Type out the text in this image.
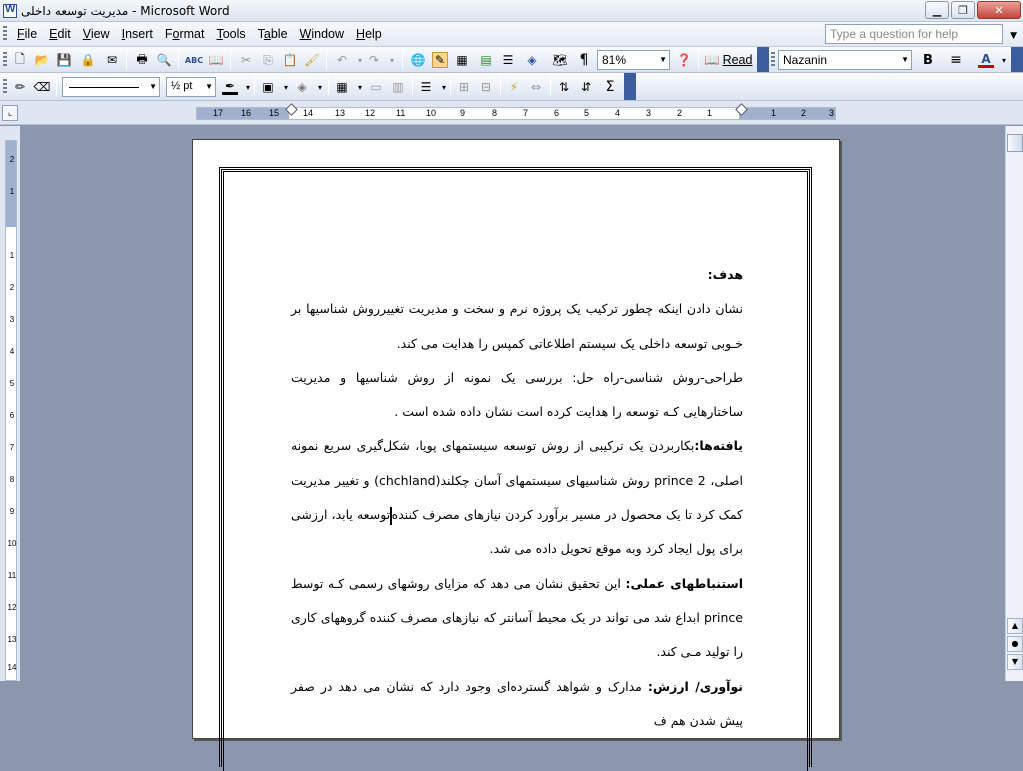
W
مدیریت توسعه داخلی - Microsoft Word	▁ ❐ ✕
File Edit View Insert Format Tools Table Window Help	Type a question for help	▼
🗋 📂 💾 🔒 ✉ 🖶 🔍 ABC 📖 ✂ ⎘ 📋 🖌 ↶	▾ ↷	▾	🌐 ✎ ▦ ▤ ☰ ◈ 🗺 ¶	81%	▼ ❓ 📖 Read	Nazanin	▼ B ≡ A	▾
✏ ⌫	▼	½ pt ▼ ✒	▾	▣	▾ ◈	▾	▦	▾ ▭ ▥ ☰	▾	⊞ ⊟	⚡	⇔ ⇅ ⇵ Σ
⌞	17 16 15	14 13 12 11 10	9	8	7	6	5	4	3	2	1	1	2	3
2
1
1
2
3
4
5
6
7
8
9
10
11
12
13
14

هدف:

نشان دادن اینکه چطور ترکیب یک پروژه نرم و سخت و مدیریت تغییرروش شناسیها بر خـوبی توسعه داخلی یک سیستم اطلاعاتی کمپس را هدایت می کند.

طراحی-روش شناسی-راه حل: بررسی یک نمونه از روش شناسیها و مدیریت ساختارهایی کـه توسعه را هدایت کرده است نشان داده شده است .

یافته‌ها:بکاربردن یک ترکیبی از روش توسعه سیستمهای پویا، شکل‌گیری سریع نمونه اصلی، prince 2 روش شناسیهای سیستمهای آسان چکلند(chchland) و تغییر مدیریت کمک کرد تا یک محصول در مسیر برآورد کردن نیازهای مصرف کنندهتوسعه یابد، ارزشی برای پول ایجاد کرد وبه موقع تحویل داده می شد.

استنباطهای عملی: این تحقیق نشان می دهد که مزایای روشهای رسمی کـه توسط prince ابداع شد می تواند در یک محیط آسانتر که نیازهای مصرف کننده گروههای کاری را تولید مـی کند.

نوآوری/ ارزش: مدارک و شواهد گسترده‌ای وجود دارد که نشان می دهد در صفر پیش شدن هم ف

▲
●
▼
